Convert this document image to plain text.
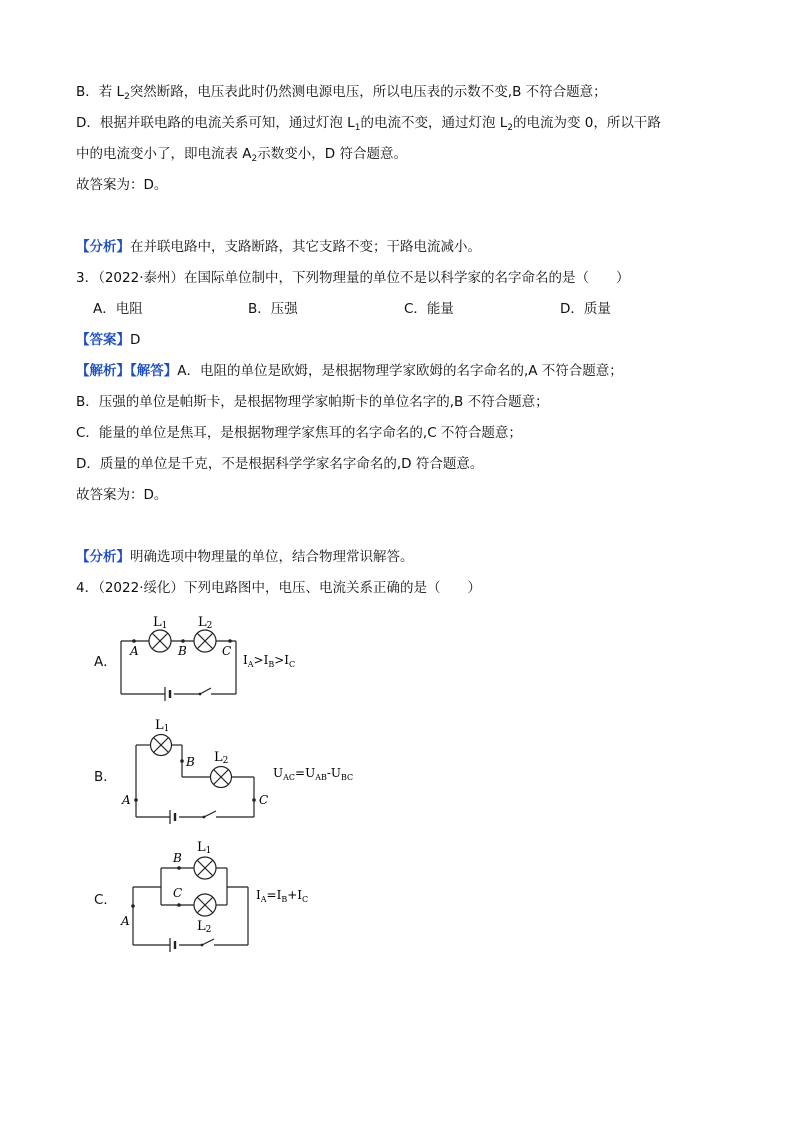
B．若 $L_2$突然断路，电压表此时仍然测电源电压，所以电压表的示数不变,B 不符合题意；
D．根据并联电路的电流关系可知，通过灯泡 $L_1$的电流不变，通过灯泡 $L_2$的电流为变 0，所以干路
中的电流变小了，即电流表 $A_2$示数变小，D 符合题意。
故答案为：D。
【分析】在并联电路中，支路断路，其它支路不变；干路电流减小。
3．（2022·泰州）在国际单位制中，下列物理量的单位不是以科学家的名字命名的是（　　）
A．电阻	B．压强	C．能量	D．质量
【答案】D
【解析】【解答】A．电阻的单位是欧姆，是根据物理学家欧姆的名字命名的,A 不符合题意；
B．压强的单位是帕斯卡，是根据物理学家帕斯卡的单位名字的,B 不符合题意；
C．能量的单位是焦耳，是根据物理学家焦耳的名字命名的,C 不符合题意；
D．质量的单位是千克，不是根据科学学家名字命名的,D 符合题意。
故答案为：D。
【分析】明确选项中物理量的单位，结合物理常识解答。
4．（2022·绥化）下列电路图中，电压、电流关系正确的是（　　）
A．
L1 L2
A	B	C
$I_A>I_B>I_C$
B．
L1
L2
A
B
C
$U_{AC}=U_{AB}-U_{BC}$
C．
L1
L2
A
B
C	$I_A=I_B+I_C$
